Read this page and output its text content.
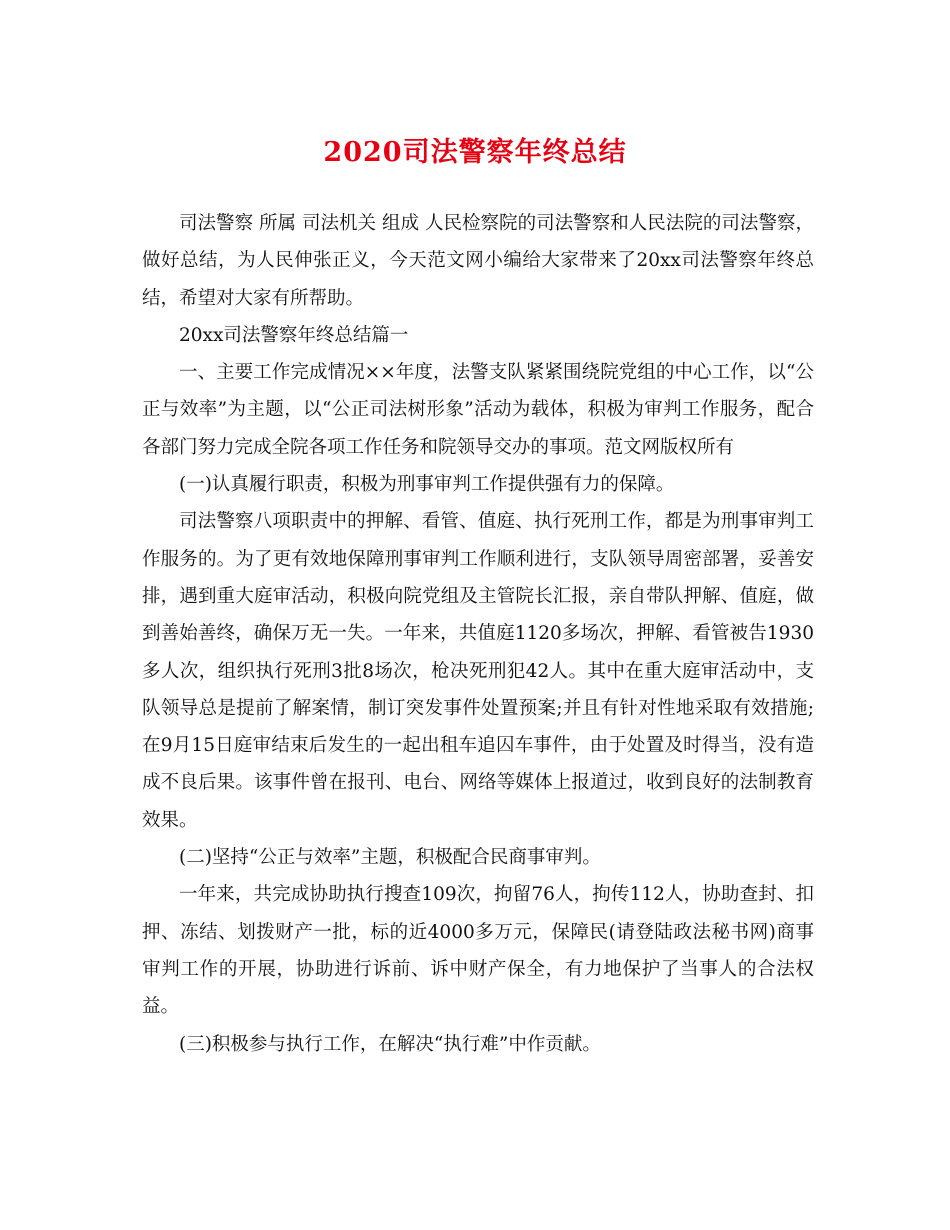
2020司法警察年终总结

司法警察 所属 司法机关 组成 人民检察院的司法警察和人民法院的司法警察，做好总结，为人民伸张正义，今天范文网小编给大家带来了20xx司法警察年终总结，希望对大家有所帮助。

20xx司法警察年终总结篇一

一、主要工作完成情况××年度，法警支队紧紧围绕院党组的中心工作，以“公正与效率”为主题，以“公正司法树形象”活动为载体，积极为审判工作服务，配合各部门努力完成全院各项工作任务和院领导交办的事项。范文网版权所有

(一)认真履行职责，积极为刑事审判工作提供强有力的保障。

司法警察八项职责中的押解、看管、值庭、执行死刑工作，都是为刑事审判工作服务的。为了更有效地保障刑事审判工作顺利进行，支队领导周密部署，妥善安排，遇到重大庭审活动，积极向院党组及主管院长汇报，亲自带队押解、值庭，做到善始善终，确保万无一失。一年来，共值庭1120多场次，押解、看管被告1930多人次，组织执行死刑3批8场次，枪决死刑犯42人。其中在重大庭审活动中，支队领导总是提前了解案情，制订突发事件处置预案;并且有针对性地采取有效措施;在9月15日庭审结束后发生的一起出租车追囚车事件，由于处置及时得当，没有造成不良后果。该事件曾在报刊、电台、网络等媒体上报道过，收到良好的法制教育效果。

(二)坚持“公正与效率”主题，积极配合民商事审判。

一年来，共完成协助执行搜查109次，拘留76人，拘传112人，协助查封、扣押、冻结、划拨财产一批，标的近4000多万元，保障民(请登陆政法秘书网)商事审判工作的开展，协助进行诉前、诉中财产保全，有力地保护了当事人的合法权益。

(三)积极参与执行工作，在解决“执行难”中作贡献。
